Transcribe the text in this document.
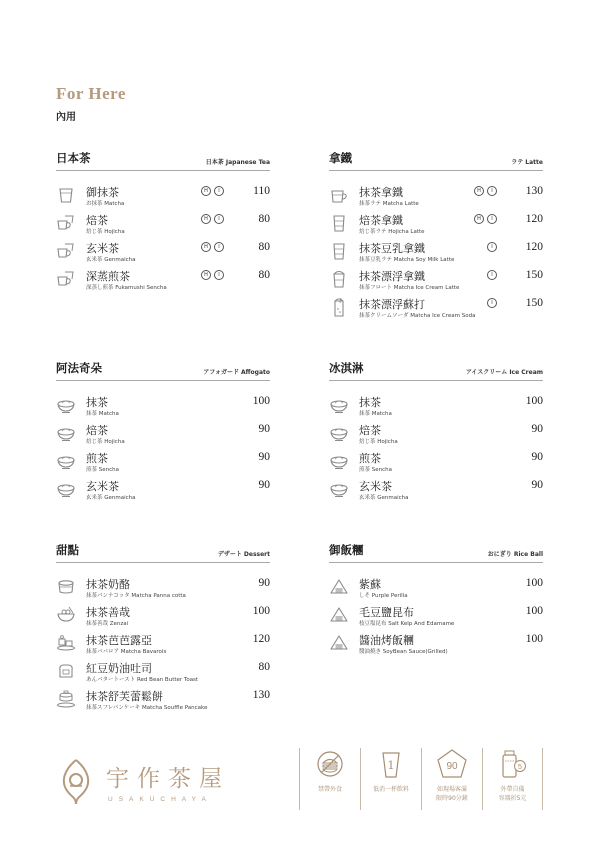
For Here
內用
日本茶	日本茶 Japanese Tea
御抹茶
お抹茶 Matcha
H	I	110
焙茶
焙じ茶 Hojicha
H	I	80
玄米茶
玄米茶 Genmaicha
H	I	80
深蒸煎茶
深蒸し煎茶 Fukamushi Sencha
H	I	80
拿鐵	ラテ Latte
抹茶拿鐵
抹茶ラテ Matcha Latte
H	I	130
焙茶拿鐵
焙じ茶ラテ Hojicha Latte
H	I	120
抹茶豆乳拿鐵
抹茶豆乳ラテ Matcha Soy Milk Latte
I	120
抹茶漂浮拿鐵
抹茶フロート Matcha Ice Cream Latte
I	150
抹茶漂浮蘇打
抹茶クリームソーダ Matcha Ice Cream Soda
I	150
阿法奇朵	アフォガード Affogato
抹茶
抹茶 Matcha
100
焙茶
焙じ茶 Hojicha
90
煎茶
煎茶 Sencha
90
玄米茶
玄米茶 Genmaicha
90
冰淇淋	アイスクリーム Ice Cream
抹茶
抹茶 Matcha
100
焙茶
焙じ茶 Hojicha
90
煎茶
煎茶 Sencha
90
玄米茶
玄米茶 Genmaicha
90
甜點	デザート Dessert
抹茶奶酪
抹茶パンナコッタ Matcha Panna cotta
90
抹茶善哉
抹茶善哉 Zenzai
100
抹茶芭芭露亞
抹茶ババロア Matcha Bavarois
120
紅豆奶油吐司
あんバタートースト Red Bean Butter Toast
80
抹茶舒芙蕾鬆餅
抹茶スフレパンケーキ Matcha Souffle Pancake
130
御飯糰	おにぎり Rice Ball
紫蘇
しそ Purple Perilla
100
毛豆鹽昆布
枝豆塩昆布 Salt Kelp And Edamame
100
醬油烤飯糰
醬油焼き SoyBean Sauce(Grilled)
100
宇作茶屋
USAKUCHAYA
禁帶外食
1
低消一杯飲料
90
如現場客滿
限時90分鐘
5
外帶自備
容器折5元
